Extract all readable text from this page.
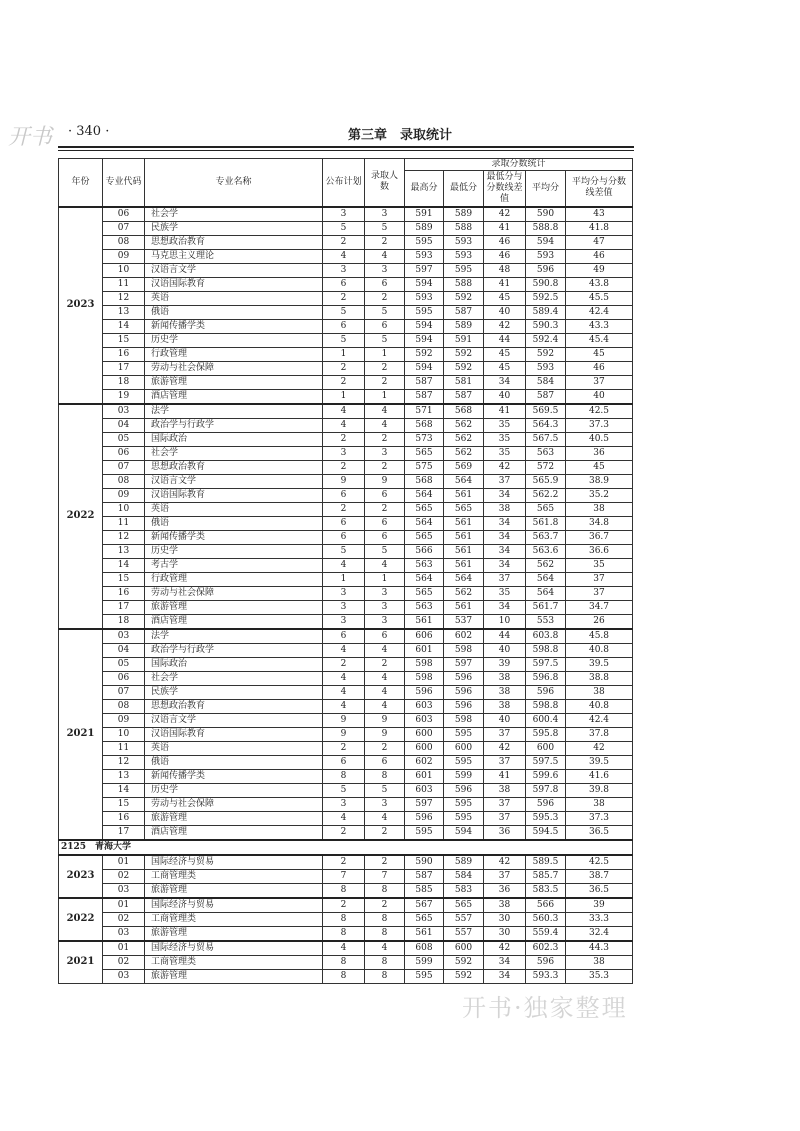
开书 · 340 ·	第三章　录取统计
年份	专业代码	专业名称	公布计划	录取人数	录取分数统计				
					最高分	最低分	最低分与分数线差值	平均分	平均分与分数线差值
2023	06	社会学	3	3	591	589	42	590	43
	07	民族学	5	5	589	588	41	588.8	41.8
	08	思想政治教育	2	2	595	593	46	594	47
	09	马克思主义理论	4	4	593	593	46	593	46
	10	汉语言文学	3	3	597	595	48	596	49
	11	汉语国际教育	6	6	594	588	41	590.8	43.8
	12	英语	2	2	593	592	45	592.5	45.5
	13	俄语	5	5	595	587	40	589.4	42.4
	14	新闻传播学类	6	6	594	589	42	590.3	43.3
	15	历史学	5	5	594	591	44	592.4	45.4
	16	行政管理	1	1	592	592	45	592	45
	17	劳动与社会保障	2	2	594	592	45	593	46
	18	旅游管理	2	2	587	581	34	584	37
	19	酒店管理	1	1	587	587	40	587	40
2022	03	法学	4	4	571	568	41	569.5	42.5
	04	政治学与行政学	4	4	568	562	35	564.3	37.3
	05	国际政治	2	2	573	562	35	567.5	40.5
	06	社会学	3	3	565	562	35	563	36
	07	思想政治教育	2	2	575	569	42	572	45
	08	汉语言文学	9	9	568	564	37	565.9	38.9
	09	汉语国际教育	6	6	564	561	34	562.2	35.2
	10	英语	2	2	565	565	38	565	38
	11	俄语	6	6	564	561	34	561.8	34.8
	12	新闻传播学类	6	6	565	561	34	563.7	36.7
	13	历史学	5	5	566	561	34	563.6	36.6
	14	考古学	4	4	563	561	34	562	35
	15	行政管理	1	1	564	564	37	564	37
	16	劳动与社会保障	3	3	565	562	35	564	37
	17	旅游管理	3	3	563	561	34	561.7	34.7
	18	酒店管理	3	3	561	537	10	553	26
2021	03	法学	6	6	606	602	44	603.8	45.8
	04	政治学与行政学	4	4	601	598	40	598.8	40.8
	05	国际政治	2	2	598	597	39	597.5	39.5
	06	社会学	4	4	598	596	38	596.8	38.8
	07	民族学	4	4	596	596	38	596	38
	08	思想政治教育	4	4	603	596	38	598.8	40.8
	09	汉语言文学	9	9	603	598	40	600.4	42.4
	10	汉语国际教育	9	9	600	595	37	595.8	37.8
	11	英语	2	2	600	600	42	600	42
	12	俄语	6	6	602	595	37	597.5	39.5
	13	新闻传播学类	8	8	601	599	41	599.6	41.6
	14	历史学	5	5	603	596	38	597.8	39.8
	15	劳动与社会保障	3	3	597	595	37	596	38
	16	旅游管理	4	4	596	595	37	595.3	37.3
	17	酒店管理	2	2	595	594	36	594.5	36.5
2125　青海大学									
2023	01	国际经济与贸易	2	2	590	589	42	589.5	42.5
	02	工商管理类	7	7	587	584	37	585.7	38.7
	03	旅游管理	8	8	585	583	36	583.5	36.5
2022	01	国际经济与贸易	2	2	567	565	38	566	39
	02	工商管理类	8	8	565	557	30	560.3	33.3
	03	旅游管理	8	8	561	557	30	559.4	32.4
2021	01	国际经济与贸易	4	4	608	600	42	602.3	44.3
	02	工商管理类	8	8	599	592	34	596	38
	03	旅游管理	8	8	595	592	34	593.3	35.3
开书·独家整理
